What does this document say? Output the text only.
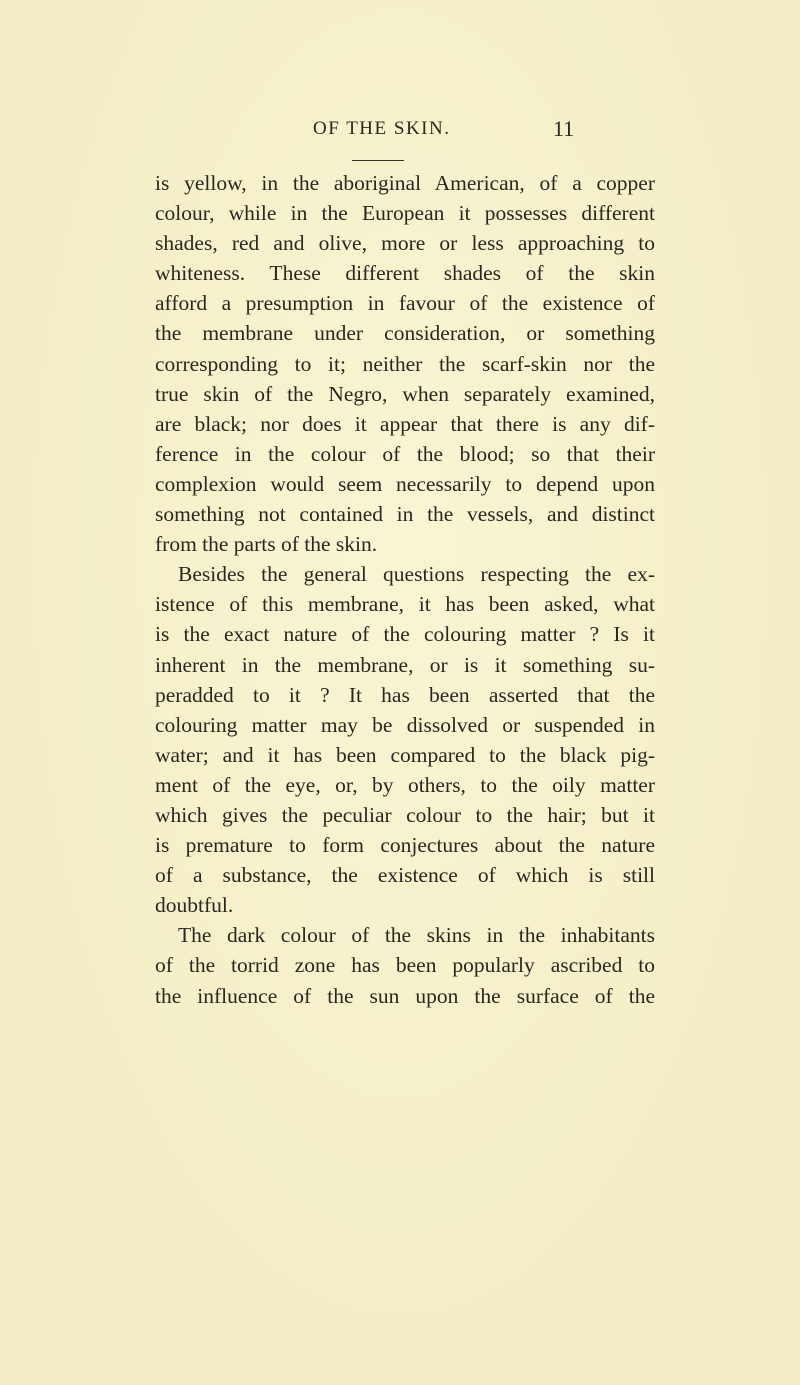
OF THE SKIN.	11
is yellow, in the aboriginal American, of a copper
colour, while in the European it possesses different
shades, red and olive, more or less approaching to
whiteness. These different shades of the skin
afford a presumption in favour of the existence of
the membrane under consideration, or something
corresponding to it; neither the scarf-skin nor the
true skin of the Negro, when separately examined,
are black; nor does it appear that there is any dif-
ference in the colour of the blood; so that their
complexion would seem necessarily to depend upon
something not contained in the vessels, and distinct
from the parts of the skin.
Besides the general questions respecting the ex-
istence of this membrane, it has been asked, what
is the exact nature of the colouring matter ? Is it
inherent in the membrane, or is it something su-
peradded to it ? It has been asserted that the
colouring matter may be dissolved or suspended in
water; and it has been compared to the black pig-
ment of the eye, or, by others, to the oily matter
which gives the peculiar colour to the hair; but it
is premature to form conjectures about the nature
of a substance, the existence of which is still
doubtful.
The dark colour of the skins in the inhabitants
of the torrid zone has been popularly ascribed to
the influence of the sun upon the surface of the
